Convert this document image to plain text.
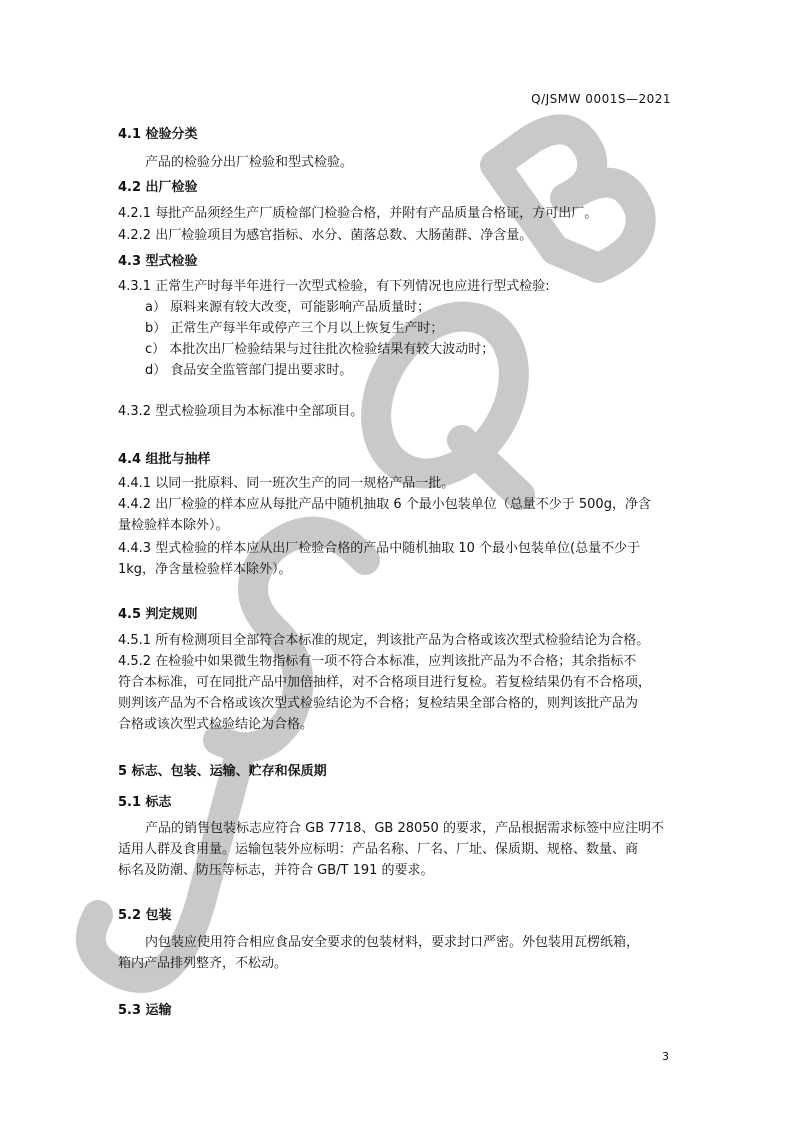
Q/JSMW 0001S—2021
4.1 检验分类
产品的检验分出厂检验和型式检验。
4.2 出厂检验
4.2.1 每批产品须经生产厂质检部门检验合格，并附有产品质量合格证，方可出厂。
4.2.2 出厂检验项目为感官指标、水分、菌落总数、大肠菌群、净含量。
4.3 型式检验
4.3.1 正常生产时每半年进行一次型式检验，有下列情况也应进行型式检验:
a） 原料来源有较大改变，可能影响产品质量时；
b） 正常生产每半年或停产三个月以上恢复生产时；
c） 本批次出厂检验结果与过往批次检验结果有较大波动时；
d） 食品安全监管部门提出要求时。
4.3.2 型式检验项目为本标准中全部项目。
4.4 组批与抽样
4.4.1 以同一批原料、同一班次生产的同一规格产品一批。
4.4.2 出厂检验的样本应从每批产品中随机抽取 6 个最小包装单位（总量不少于 500g，净含
量检验样本除外）。
4.4.3 型式检验的样本应从出厂检验合格的产品中随机抽取 10 个最小包装单位(总量不少于
1kg，净含量检验样本除外）。
4.5 判定规则
4.5.1 所有检测项目全部符合本标准的规定，判该批产品为合格或该次型式检验结论为合格。
4.5.2 在检验中如果微生物指标有一项不符合本标准，应判该批产品为不合格；其余指标不
符合本标准，可在同批产品中加倍抽样，对不合格项目进行复检。若复检结果仍有不合格项，
则判该产品为不合格或该次型式检验结论为不合格；复检结果全部合格的，则判该批产品为
合格或该次型式检验结论为合格。
5 标志、包装、运输、贮存和保质期
5.1 标志
产品的销售包装标志应符合 GB 7718、GB 28050 的要求，产品根据需求标签中应注明不
适用人群及食用量。运输包装外应标明：产品名称、厂名、厂址、保质期、规格、数量、商
标名及防潮、防压等标志，并符合 GB/T 191 的要求。
5.2 包装
内包装应使用符合相应食品安全要求的包装材料，要求封口严密。外包装用瓦楞纸箱，
箱内产品排列整齐，不松动。
5.3 运输
3
